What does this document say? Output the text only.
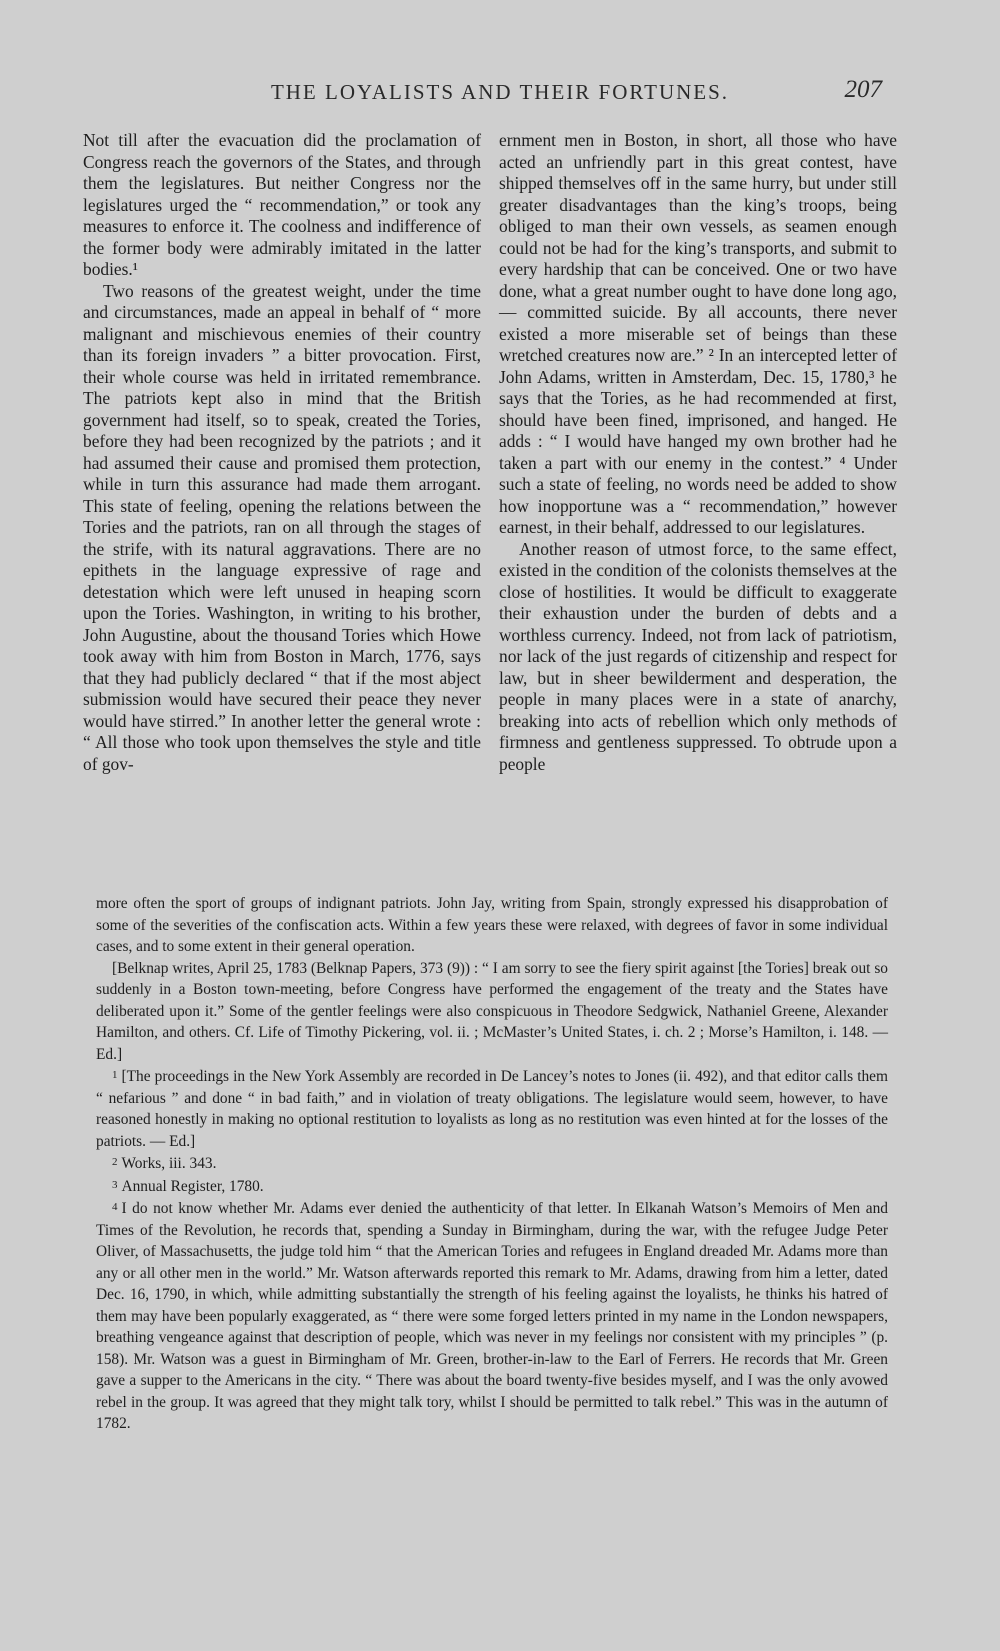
THE LOYALISTS AND THEIR FORTUNES.	207

Not till after the evacuation did the proclamation of Congress reach the governors of the States, and through them the legislatures. But neither Congress nor the legislatures urged the “ recommendation,” or took any measures to enforce it. The coolness and indifference of the former body were admirably imitated in the latter bodies.¹

Two reasons of the greatest weight, under the time and circumstances, made an appeal in behalf of “ more malignant and mischievous enemies of their country than its foreign invaders ” a bitter provocation. First, their whole course was held in irritated remembrance. The patriots kept also in mind that the British government had itself, so to speak, created the Tories, before they had been recognized by the patriots ; and it had assumed their cause and promised them protection, while in turn this assurance had made them arrogant. This state of feeling, opening the relations between the Tories and the patriots, ran on all through the stages of the strife, with its natural aggravations. There are no epithets in the language expressive of rage and detestation which were left unused in heaping scorn upon the Tories. Washington, in writing to his brother, John Augustine, about the thousand Tories which Howe took away with him from Boston in March, 1776, says that they had publicly declared “ that if the most abject submission would have secured their peace they never would have stirred.” In another letter the general wrote : “ All those who took upon themselves the style and title of gov-

ernment men in Boston, in short, all those who have acted an unfriendly part in this great contest, have shipped themselves off in the same hurry, but under still greater disadvantages than the king’s troops, being obliged to man their own vessels, as seamen enough could not be had for the king’s transports, and submit to every hardship that can be conceived. One or two have done, what a great number ought to have done long ago, — committed suicide. By all accounts, there never existed a more miserable set of beings than these wretched creatures now are.” ² In an intercepted letter of John Adams, written in Amsterdam, Dec. 15, 1780,³ he says that the Tories, as he had recommended at first, should have been fined, imprisoned, and hanged. He adds : “ I would have hanged my own brother had he taken a part with our enemy in the contest.” ⁴ Under such a state of feeling, no words need be added to show how inopportune was a “ recommendation,” however earnest, in their behalf, addressed to our legislatures.

Another reason of utmost force, to the same effect, existed in the condition of the colonists themselves at the close of hostilities. It would be difficult to exaggerate their exhaustion under the burden of debts and a worthless currency. Indeed, not from lack of patriotism, nor lack of the just regards of citizenship and respect for law, but in sheer bewilderment and desperation, the people in many places were in a state of anarchy, breaking into acts of rebellion which only methods of firmness and gentleness suppressed. To obtrude upon a people

more often the sport of groups of indignant patriots. John Jay, writing from Spain, strongly expressed his disapprobation of some of the severities of the confiscation acts. Within a few years these were relaxed, with degrees of favor in some individual cases, and to some extent in their general operation.

[Belknap writes, April 25, 1783 (Belknap Papers, 373 (9)) : “ I am sorry to see the fiery spirit against [the Tories] break out so suddenly in a Boston town-meeting, before Congress have performed the engagement of the treaty and the States have deliberated upon it.” Some of the gentler feelings were also conspicuous in Theodore Sedgwick, Nathaniel Greene, Alexander Hamilton, and others. Cf. Life of Timothy Pickering, vol. ii. ; McMaster’s United States, i. ch. 2 ; Morse’s Hamilton, i. 148. — Ed.]

1 [The proceedings in the New York Assembly are recorded in De Lancey’s notes to Jones (ii. 492), and that editor calls them “ nefarious ” and done “ in bad faith,” and in violation of treaty obligations. The legislature would seem, however, to have reasoned honestly in making no optional restitution to loyalists as long as no restitution was even hinted at for the losses of the patriots. — Ed.]

2 Works, iii. 343.

3 Annual Register, 1780.

4 I do not know whether Mr. Adams ever denied the authenticity of that letter. In Elkanah Watson’s Memoirs of Men and Times of the Revolution, he records that, spending a Sunday in Birmingham, during the war, with the refugee Judge Peter Oliver, of Massachusetts, the judge told him “ that the American Tories and refugees in England dreaded Mr. Adams more than any or all other men in the world.” Mr. Watson afterwards reported this remark to Mr. Adams, drawing from him a letter, dated Dec. 16, 1790, in which, while admitting substantially the strength of his feeling against the loyalists, he thinks his hatred of them may have been popularly exaggerated, as “ there were some forged letters printed in my name in the London newspapers, breathing vengeance against that description of people, which was never in my feelings nor consistent with my principles ” (p. 158). Mr. Watson was a guest in Birmingham of Mr. Green, brother-in-law to the Earl of Ferrers. He records that Mr. Green gave a supper to the Americans in the city. “ There was about the board twenty-five besides myself, and I was the only avowed rebel in the group. It was agreed that they might talk tory, whilst I should be permitted to talk rebel.” This was in the autumn of 1782.
